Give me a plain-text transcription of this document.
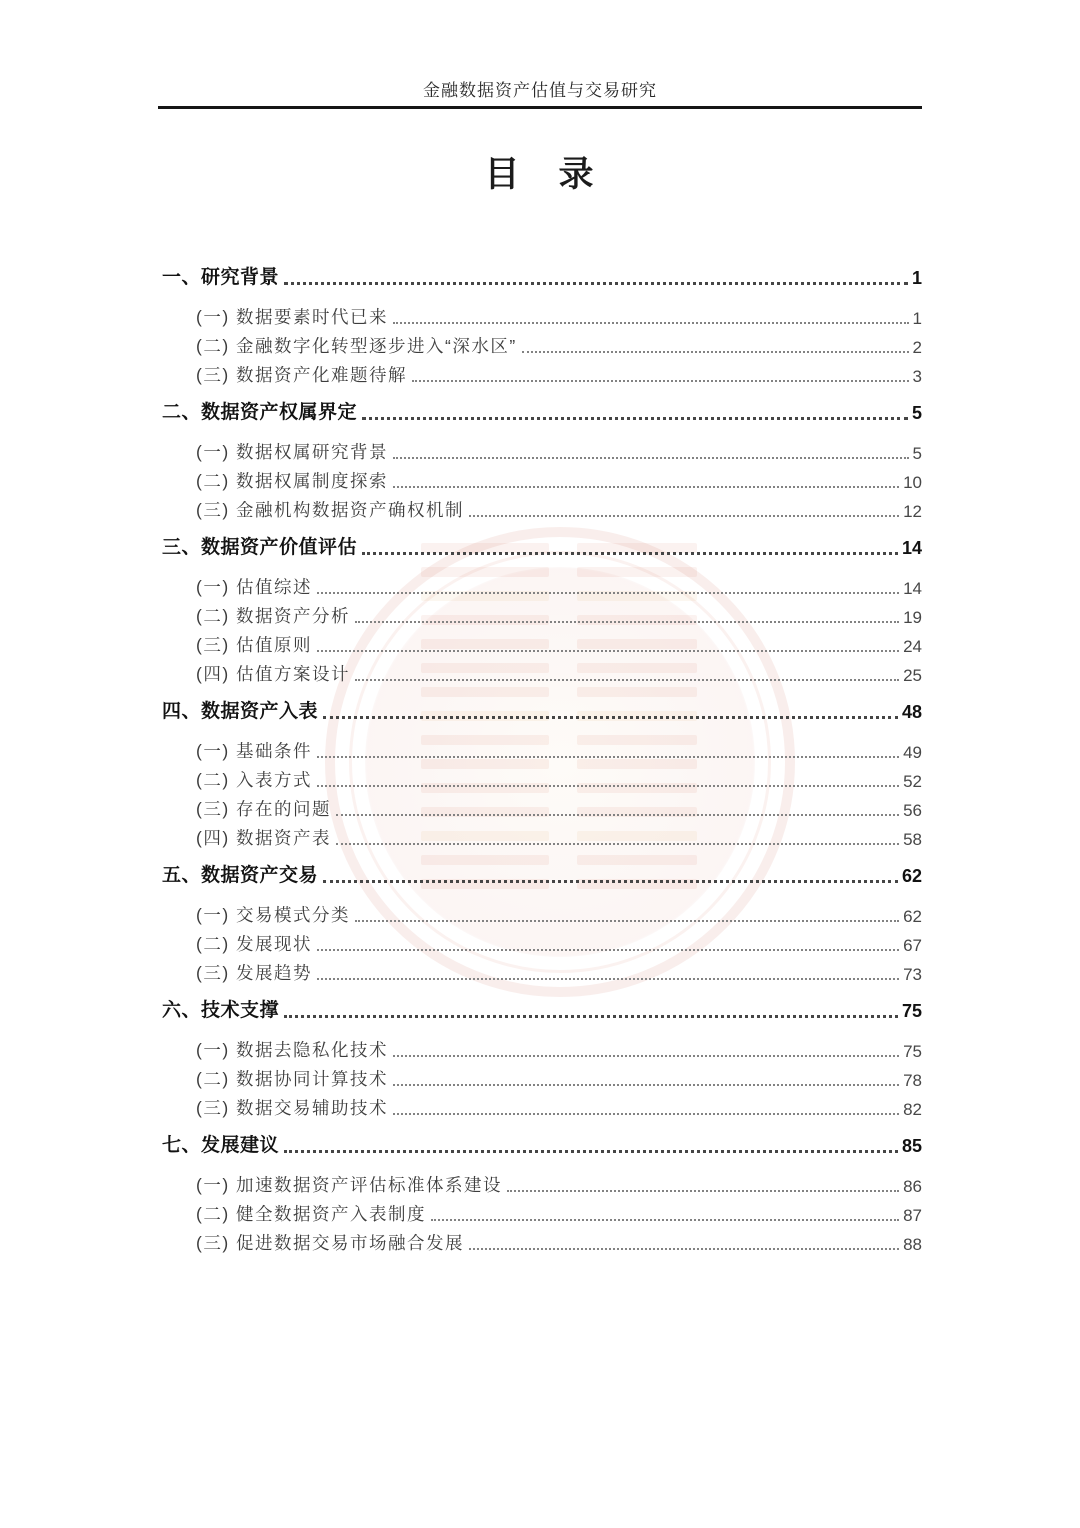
金融数据资产估值与交易研究
目　录
一、研究背景	1
(一) 数据要素时代已来	1
(二) 金融数字化转型逐步进入“深水区”	2
(三) 数据资产化难题待解	3
二、数据资产权属界定	5
(一) 数据权属研究背景	5
(二) 数据权属制度探索	10
(三) 金融机构数据资产确权机制	12
三、数据资产价值评估	14
(一) 估值综述	14
(二) 数据资产分析	19
(三) 估值原则	24
(四) 估值方案设计	25
四、数据资产入表	48
(一) 基础条件	49
(二) 入表方式	52
(三) 存在的问题	56
(四) 数据资产表	58
五、数据资产交易	62
(一) 交易模式分类	62
(二) 发展现状	67
(三) 发展趋势	73
六、技术支撑	75
(一) 数据去隐私化技术	75
(二) 数据协同计算技术	78
(三) 数据交易辅助技术	82
七、发展建议	85
(一) 加速数据资产评估标准体系建设	86
(二) 健全数据资产入表制度	87
(三) 促进数据交易市场融合发展	88
